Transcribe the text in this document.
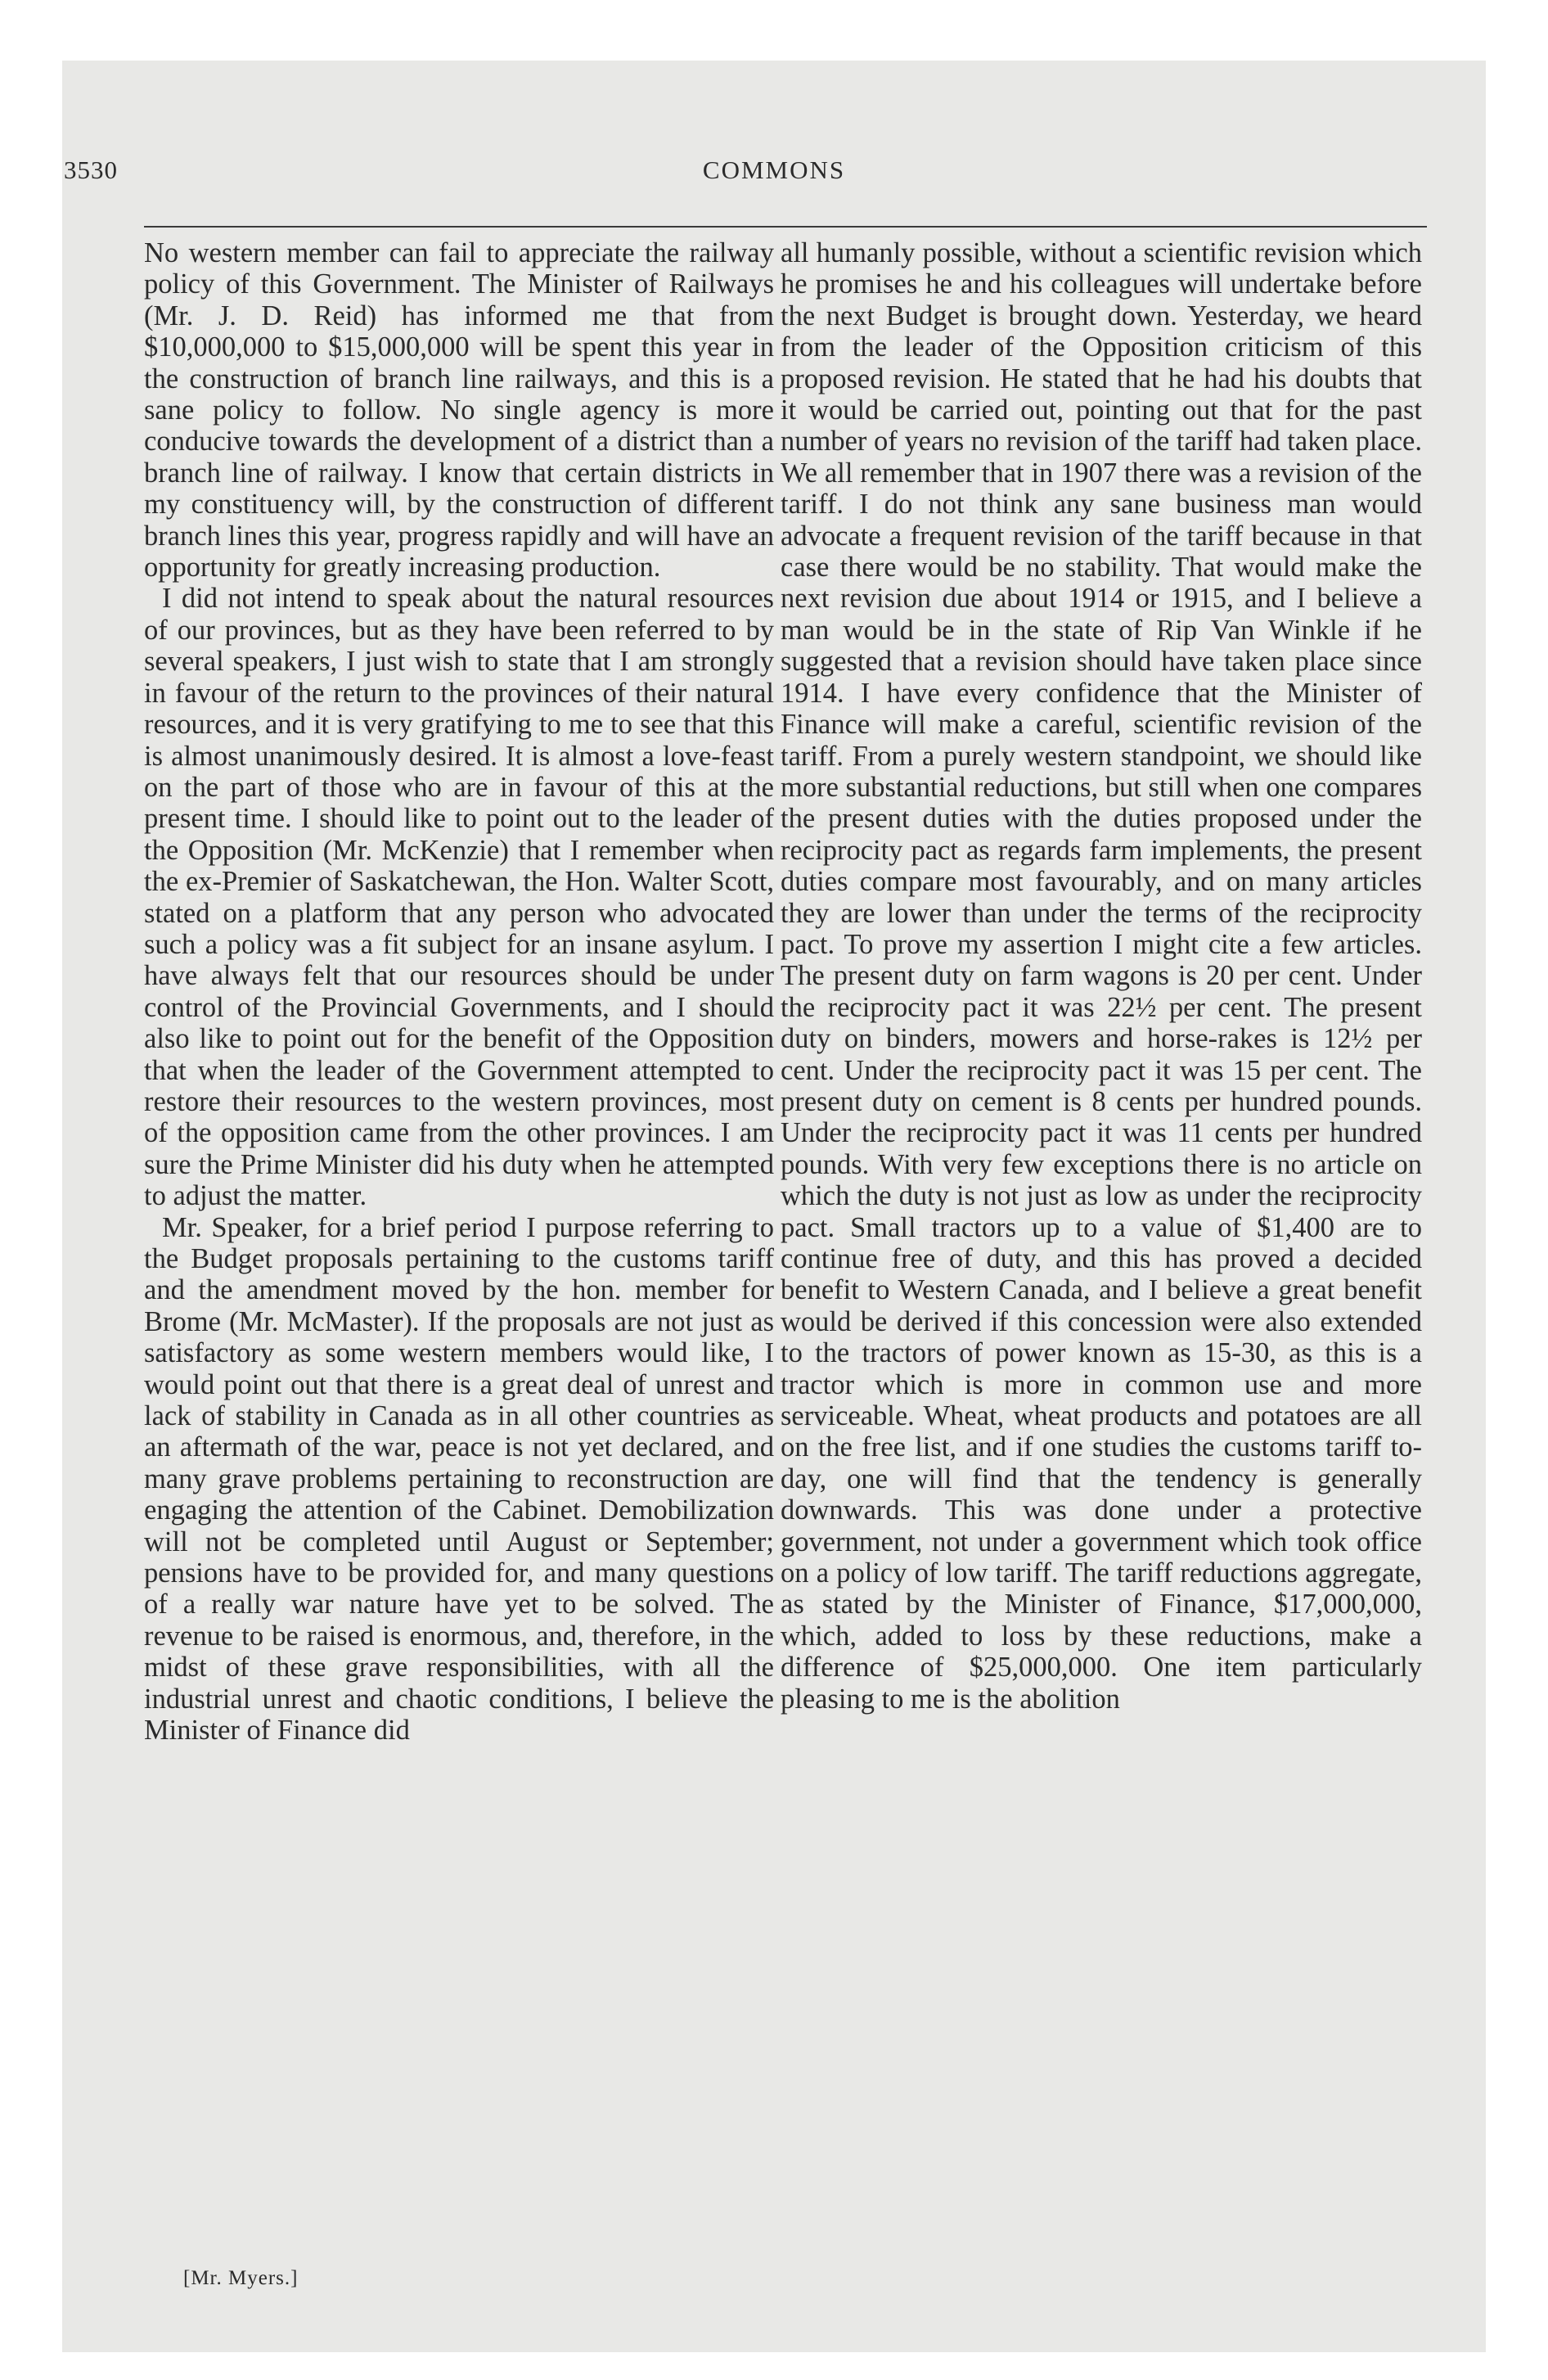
3530	COMMONS

No western member can fail to appreciate the railway policy of this Government. The Minister of Railways (Mr. J. D. Reid) has informed me that from $10,000,000 to $15,000,000 will be spent this year in the construction of branch line railways, and this is a sane policy to follow. No single agency is more conducive towards the development of a district than a branch line of railway. I know that certain districts in my constituency will, by the construction of different branch lines this year, progress rapidly and will have an opportunity for greatly increasing production.

I did not intend to speak about the natural resources of our provinces, but as they have been referred to by several speakers, I just wish to state that I am strongly in favour of the return to the provinces of their natural resources, and it is very gratifying to me to see that this is almost unanimously desired. It is almost a love-feast on the part of those who are in favour of this at the present time. I should like to point out to the leader of the Opposition (Mr. McKenzie) that I remember when the ex-Premier of Saskatchewan, the Hon. Walter Scott, stated on a platform that any person who advocated such a policy was a fit subject for an insane asylum. I have always felt that our resources should be under control of the Provincial Governments, and I should also like to point out for the benefit of the Opposition that when the leader of the Government attempted to restore their resources to the western provinces, most of the opposition came from the other provinces. I am sure the Prime Minister did his duty when he attempted to adjust the matter.

Mr. Speaker, for a brief period I purpose referring to the Budget proposals pertaining to the customs tariff and the amendment moved by the hon. member for Brome (Mr. McMaster). If the proposals are not just as satisfactory as some western members would like, I would point out that there is a great deal of unrest and lack of stability in Canada as in all other countries as an aftermath of the war, peace is not yet declared, and many grave problems pertaining to reconstruction are engaging the attention of the Cabinet. Demobilization will not be completed until August or September; pensions have to be provided for, and many questions of a really war nature have yet to be solved. The revenue to be raised is enormous, and, therefore, in the midst of these grave responsibilities, with all the industrial unrest and chaotic conditions, I believe the Minister of Finance did

all humanly possible, without a scientific revision which he promises he and his colleagues will undertake before the next Budget is brought down. Yesterday, we heard from the leader of the Opposition criticism of this proposed revision. He stated that he had his doubts that it would be carried out, pointing out that for the past number of years no revision of the tariff had taken place. We all remember that in 1907 there was a revision of the tariff. I do not think any sane business man would advocate a frequent revision of the tariff because in that case there would be no stability. That would make the next revision due about 1914 or 1915, and I believe a man would be in the state of Rip Van Winkle if he suggested that a revision should have taken place since 1914. I have every confidence that the Minister of Finance will make a careful, scientific revision of the tariff. From a purely western standpoint, we should like more substantial reductions, but still when one compares the present duties with the duties proposed under the reciprocity pact as regards farm implements, the present duties compare most favourably, and on many articles they are lower than under the terms of the reciprocity pact. To prove my assertion I might cite a few articles. The present duty on farm wagons is 20 per cent. Under the reciprocity pact it was 22½ per cent. The present duty on binders, mowers and horse-rakes is 12½ per cent. Under the reciprocity pact it was 15 per cent. The present duty on cement is 8 cents per hundred pounds. Under the reciprocity pact it was 11 cents per hundred pounds. With very few exceptions there is no article on which the duty is not just as low as under the reciprocity pact. Small tractors up to a value of $1,400 are to continue free of duty, and this has proved a decided benefit to Western Canada, and I believe a great benefit would be derived if this concession were also extended to the tractors of power known as 15-30, as this is a tractor which is more in common use and more serviceable. Wheat, wheat products and potatoes are all on the free list, and if one studies the customs tariff to-day, one will find that the tendency is generally downwards. This was done under a protective government, not under a government which took office on a policy of low tariff. The tariff reductions aggregate, as stated by the Minister of Finance, $17,000,000, which, added to loss by these reductions, make a difference of $25,000,000. One item particularly pleasing to me is the abolition

[Mr. Myers.]
